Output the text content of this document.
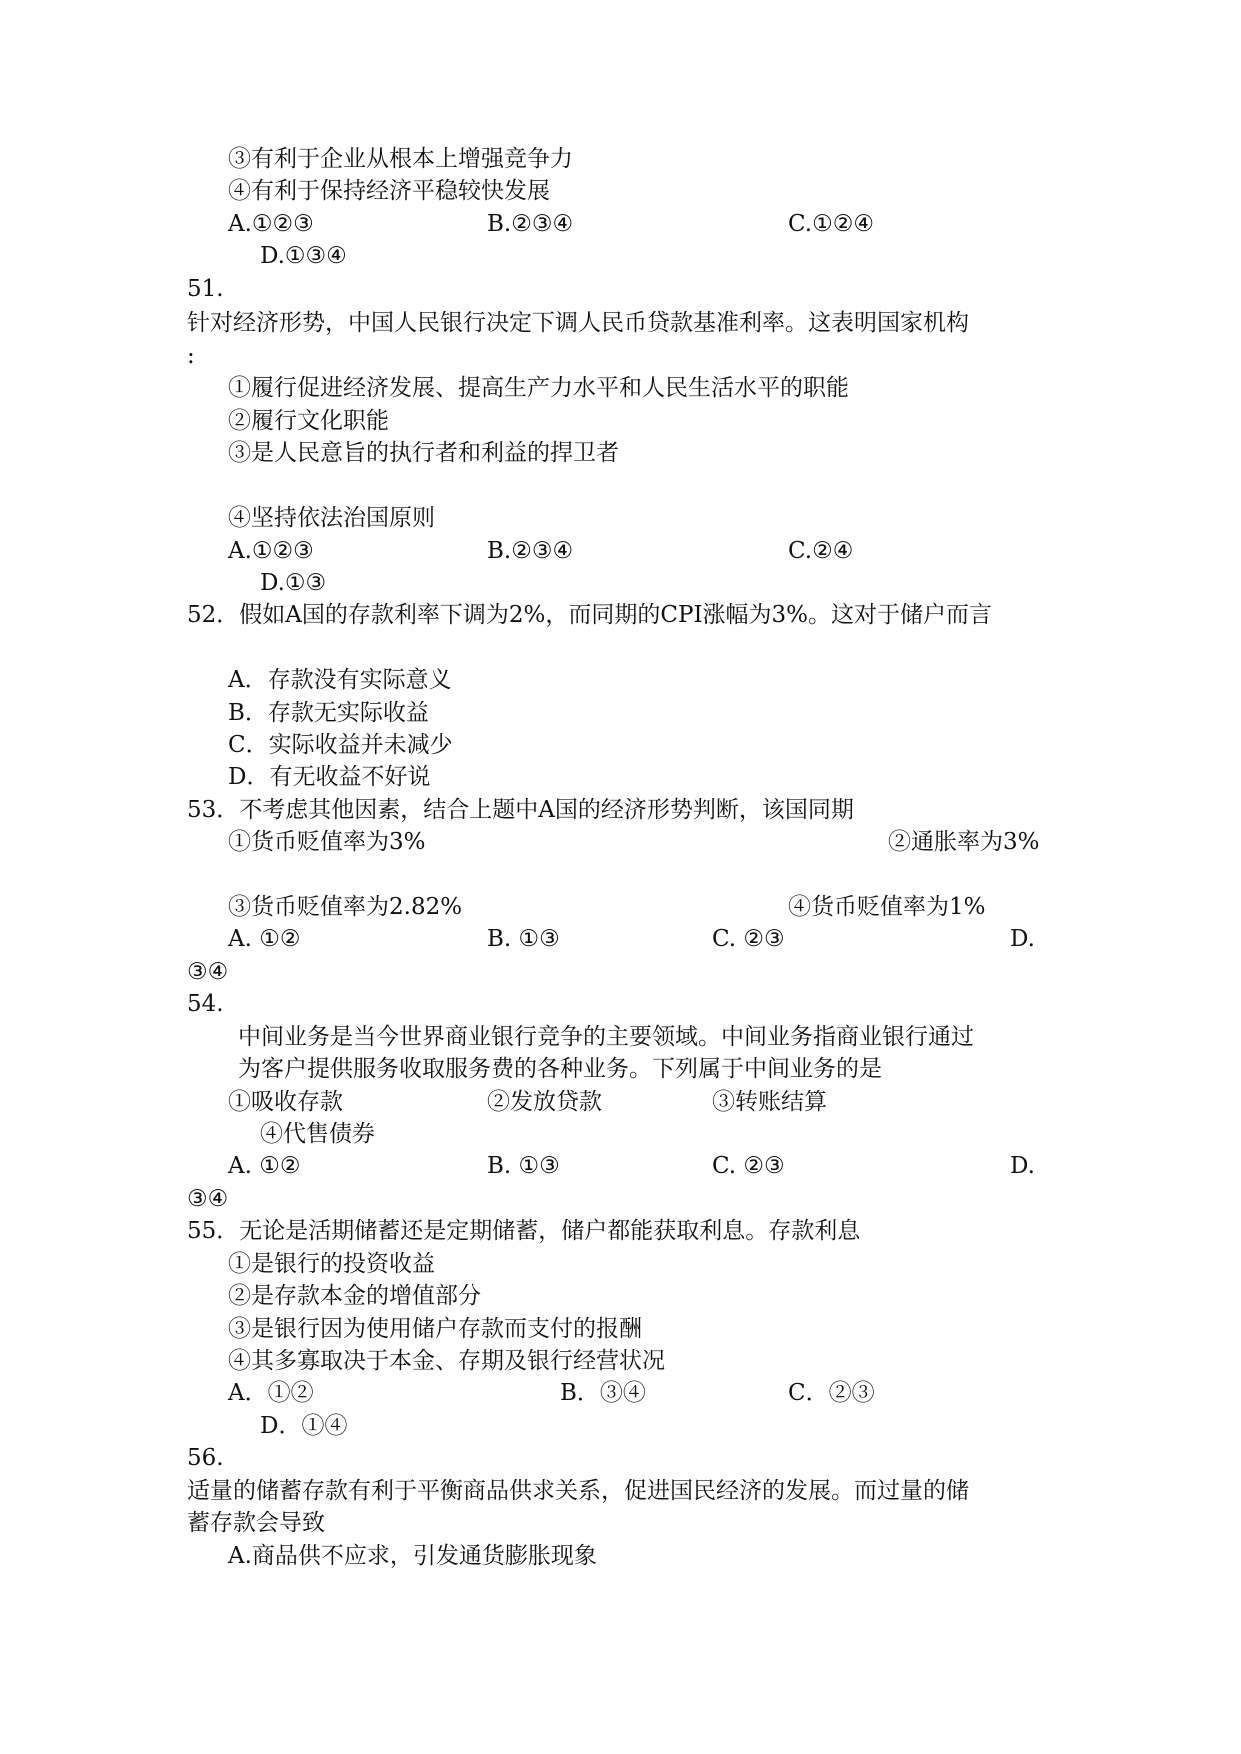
③有利于企业从根本上增强竞争力
④有利于保持经济平稳较快发展
A.①②③	B.②③④	C.①②④
D.①③④
51.
针对经济形势，中国人民银行决定下调人民币贷款基准利率。这表明国家机构
:
①履行促进经济发展、提高生产力水平和人民生活水平的职能
②履行文化职能
③是人民意旨的执行者和利益的捍卫者
④坚持依法治国原则
A.①②③	B.②③④	C.②④
D.①③
52．假如A国的存款利率下调为2%，而同期的CPI涨幅为3%。这对于储户而言
A．存款没有实际意义
B．存款无实际收益
C．实际收益并未减少
D．有无收益不好说
53．不考虑其他因素，结合上题中A国的经济形势判断，该国同期
①货币贬值率为3%	②通胀率为3%
③货币贬值率为2.82%	④货币贬值率为1%
A. ①②	B. ①③	C. ②③	D.
③④
54.
中间业务是当今世界商业银行竞争的主要领域。中间业务指商业银行通过
为客户提供服务收取服务费的各种业务。下列属于中间业务的是
①吸收存款	②发放贷款	③转账结算
④代售债券
A. ①②	B. ①③	C. ②③	D.
③④
55．无论是活期储蓄还是定期储蓄，储户都能获取利息。存款利息
①是银行的投资收益
②是存款本金的增值部分
③是银行因为使用储户存款而支付的报酬
④其多寡取决于本金、存期及银行经营状况
A．①②	B．③④	C．②③
D．①④
56.
适量的储蓄存款有利于平衡商品供求关系，促进国民经济的发展。而过量的储
蓄存款会导致
A.商品供不应求，引发通货膨胀现象
